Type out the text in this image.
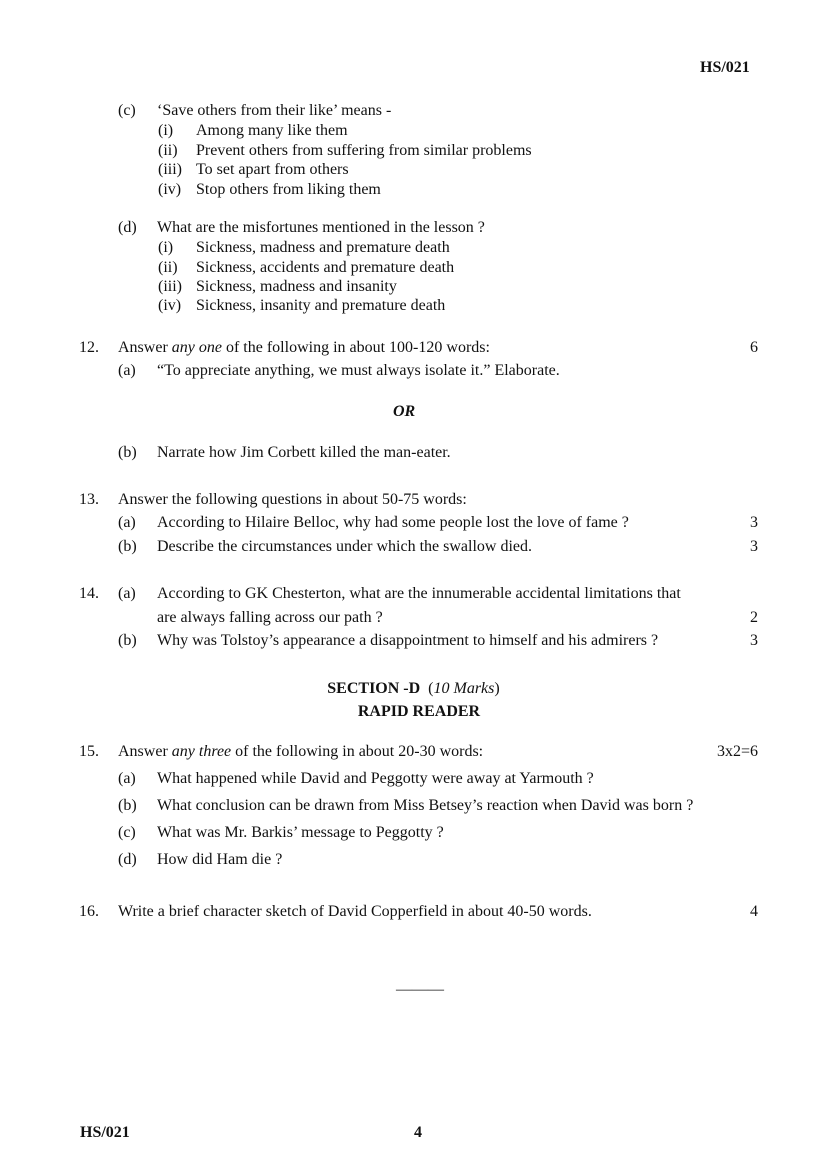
HS/021
(c) ‘Save others from their like’ means -
(i) Among many like them
(ii) Prevent others from suffering from similar problems
(iii) To set apart from others
(iv) Stop others from liking them
(d) What are the misfortunes mentioned in the lesson ?
(i) Sickness, madness and premature death
(ii) Sickness, accidents and premature death
(iii) Sickness, madness and insanity
(iv) Sickness, insanity and premature death
12. Answer any one of the following in about 100-120 words:	6
(a) “To appreciate anything, we must always isolate it.” Elaborate.
OR
(b) Narrate how Jim Corbett killed the man-eater.
13. Answer the following questions in about 50-75 words:
(a) According to Hilaire Belloc, why had some people lost the love of fame ?	3
(b) Describe the circumstances under which the swallow died.	3
14. (a) According to GK Chesterton, what are the innumerable accidental limitations that
are always falling across our path ?	2
(b) Why was Tolstoy’s appearance a disappointment to himself and his admirers ?	3
SECTION -D (10 Marks)
RAPID READER
15. Answer any three of the following in about 20-30 words:	3x2=6
(a) What happened while David and Peggotty were away at Yarmouth ?
(b) What conclusion can be drawn from Miss Betsey’s reaction when David was born ?
(c) What was Mr. Barkis’ message to Peggotty ?
(d) How did Ham die ?
16. Write a brief character sketch of David Copperfield in about 40-50 words.	4
———
HS/021	4
